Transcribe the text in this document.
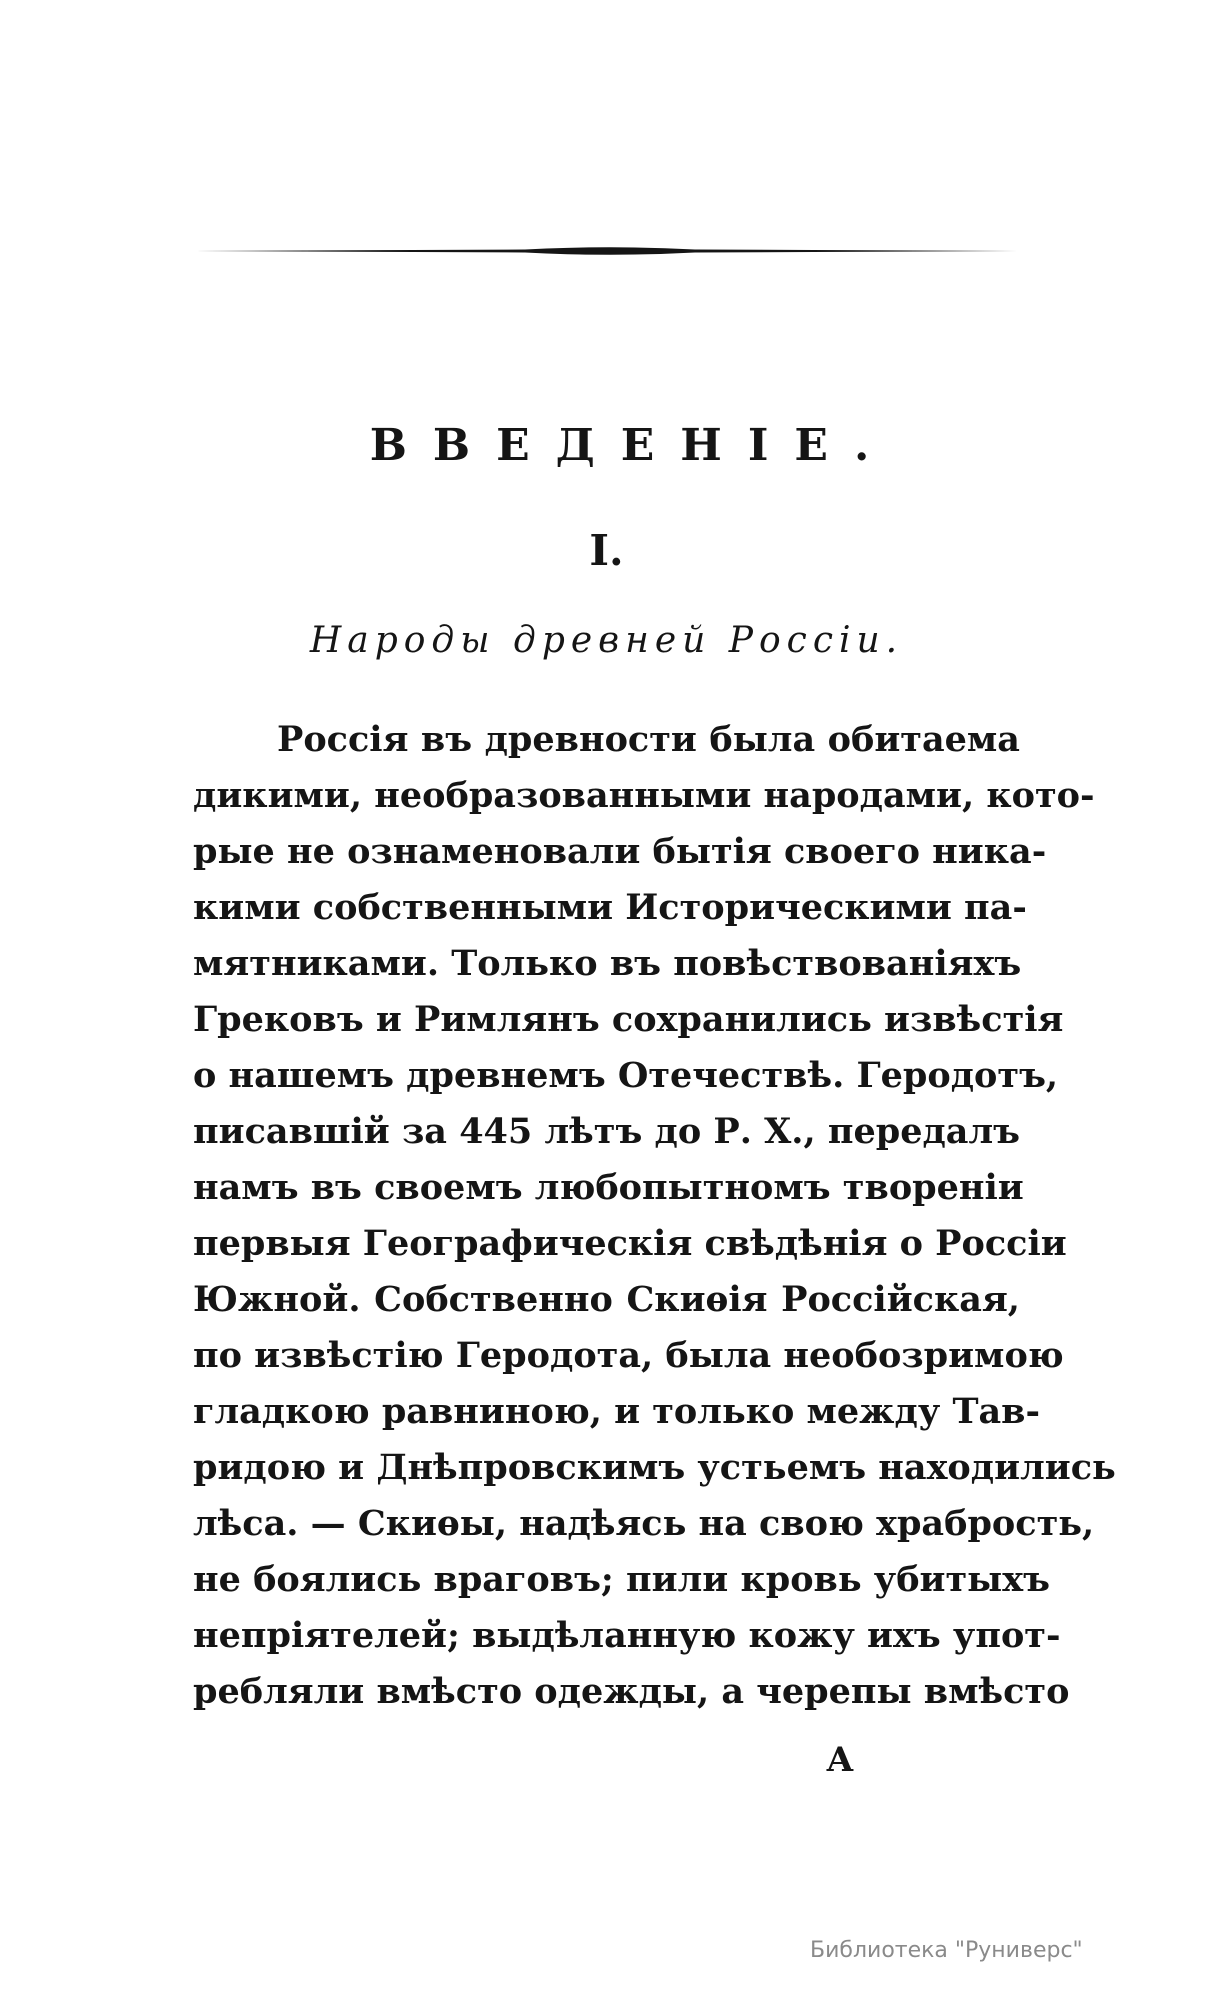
ВВЕДЕНІЕ.
I.
Народы древней Россіи.
Россія въ древности была обитаема
дикими, необразованными народами, кото-
рые не ознаменовали бытія своего ника-
кими собственными Историческими па-
мятниками. Только въ повѣствованіяхъ
Грековъ и Римлянъ сохранились извѣстія
о нашемъ древнемъ Отечествѣ. Геродотъ,
писавшій за 445 лѣтъ до Р. Х., передалъ
намъ въ своемъ любопытномъ твореніи
первыя Географическія свѣдѣнія о Россіи
Южной. Собственно Скиѳія Россійская,
по извѣстію Геродота, была необозримою
гладкою равниною, и только между Тав-
ридою и Днѣпровскимъ устьемъ находились
лѣса. — Скиѳы, надѣясь на свою храбрость,
не боялись враговъ; пили кровь убитыхъ
непріятелей; выдѣланную кожу ихъ упот-
ребляли вмѣсто одежды, а черепы вмѣсто

А

Библиотека "Руниверс"
